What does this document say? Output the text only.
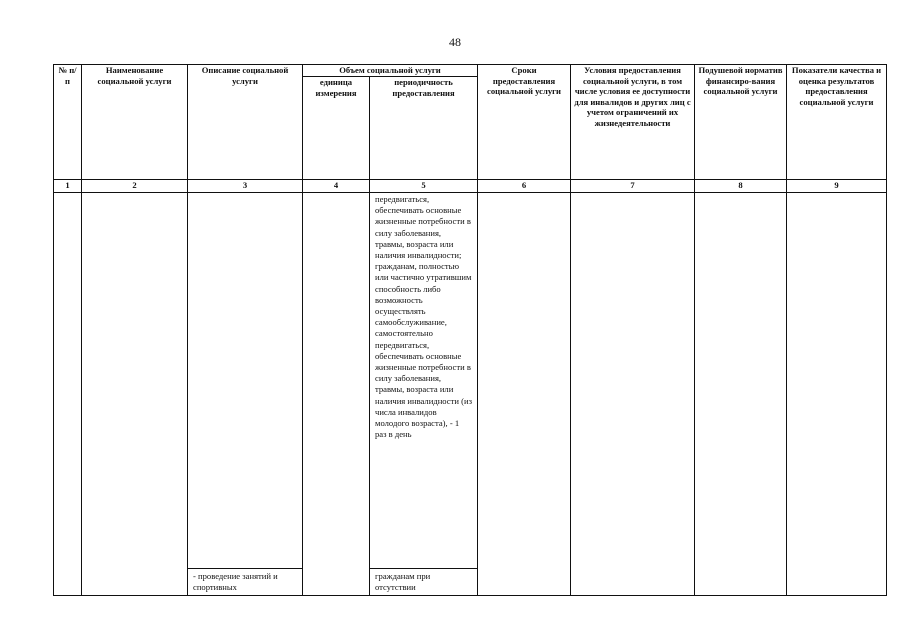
48
№ п/п	Наименование социальной услуги	Описание социальной услуги	Объем социальной услуги		Сроки предоставления социальной услуги	Условия предоставления социальной услуги, в том числе условия ее доступности для инвалидов и других лиц с учетом ограничений их жизнедеятельности	Подушевой норматив финансиро-вания социальной услуги	Показатели качества и оценка результатов предоставления социальной услуги
			единица измерения	периодичность предоставления				
1	2	3	4	5	6	7	8	9
				передвигаться, обеспечивать основные жизненные потребности в силу заболевания, травмы, возраста или наличия инвалидности; гражданам, полностью или частично утратившим способность либо возможность осуществлять самообслуживание, самостоятельно передвигаться, обеспечивать основные жизненные потребности в силу заболевания, травмы, возраста или наличия инвалидности (из числа инвалидов молодого возраста), - 1 раз в день				
		- проведение занятий и спортивных		гражданам при отсутствии				
